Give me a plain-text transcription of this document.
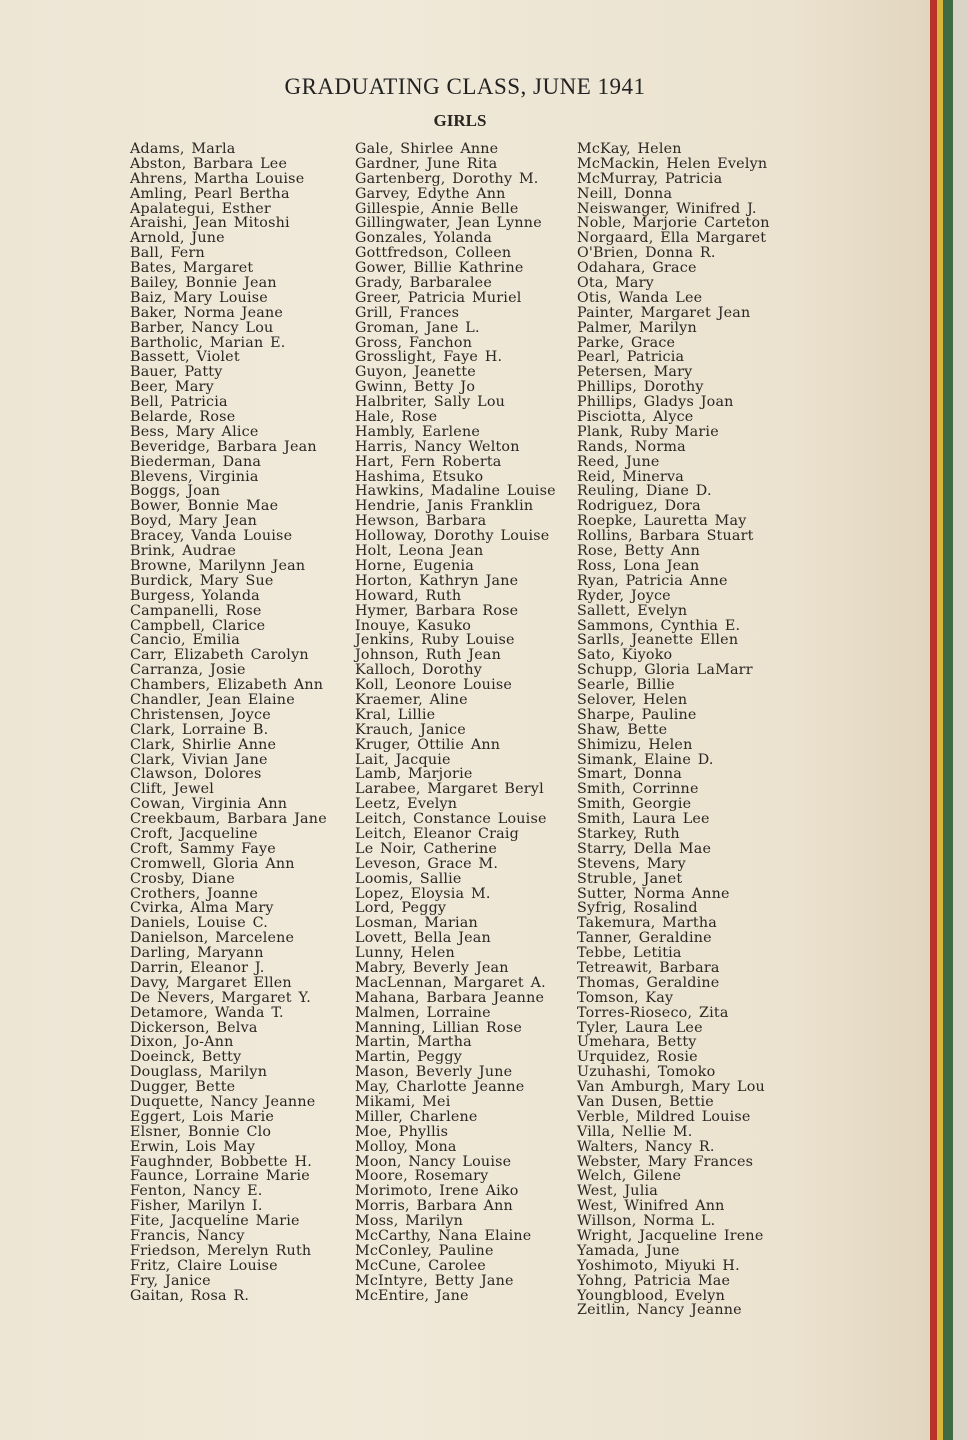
GRADUATING CLASS, JUNE 1941
GIRLS
Adams, Marla
Abston, Barbara Lee
Ahrens, Martha Louise
Amling, Pearl Bertha
Apalategui, Esther
Araishi, Jean Mitoshi
Arnold, June
Ball, Fern
Bates, Margaret
Bailey, Bonnie Jean
Baiz, Mary Louise
Baker, Norma Jeane
Barber, Nancy Lou
Bartholic, Marian E.
Bassett, Violet
Bauer, Patty
Beer, Mary
Bell, Patricia
Belarde, Rose
Bess, Mary Alice
Beveridge, Barbara Jean
Biederman, Dana
Blevens, Virginia
Boggs, Joan
Bower, Bonnie Mae
Boyd, Mary Jean
Bracey, Vanda Louise
Brink, Audrae
Browne, Marilynn Jean
Burdick, Mary Sue
Burgess, Yolanda
Campanelli, Rose
Campbell, Clarice
Cancio, Emilia
Carr, Elizabeth Carolyn
Carranza, Josie
Chambers, Elizabeth Ann
Chandler, Jean Elaine
Christensen, Joyce
Clark, Lorraine B.
Clark, Shirlie Anne
Clark, Vivian Jane
Clawson, Dolores
Clift, Jewel
Cowan, Virginia Ann
Creekbaum, Barbara Jane
Croft, Jacqueline
Croft, Sammy Faye
Cromwell, Gloria Ann
Crosby, Diane
Crothers, Joanne
Cvirka, Alma Mary
Daniels, Louise C.
Danielson, Marcelene
Darling, Maryann
Darrin, Eleanor J.
Davy, Margaret Ellen
De Nevers, Margaret Y.
Detamore, Wanda T.
Dickerson, Belva
Dixon, Jo-Ann
Doeinck, Betty
Douglass, Marilyn
Dugger, Bette
Duquette, Nancy Jeanne
Eggert, Lois Marie
Elsner, Bonnie Clo
Erwin, Lois May
Faughnder, Bobbette H.
Faunce, Lorraine Marie
Fenton, Nancy E.
Fisher, Marilyn I.
Fite, Jacqueline Marie
Francis, Nancy
Friedson, Merelyn Ruth
Fritz, Claire Louise
Fry, Janice
Gaitan, Rosa R.
Gale, Shirlee Anne
Gardner, June Rita
Gartenberg, Dorothy M.
Garvey, Edythe Ann
Gillespie, Annie Belle
Gillingwater, Jean Lynne
Gonzales, Yolanda
Gottfredson, Colleen
Gower, Billie Kathrine
Grady, Barbaralee
Greer, Patricia Muriel
Grill, Frances
Groman, Jane L.
Gross, Fanchon
Grosslight, Faye H.
Guyon, Jeanette
Gwinn, Betty Jo
Halbriter, Sally Lou
Hale, Rose
Hambly, Earlene
Harris, Nancy Welton
Hart, Fern Roberta
Hashima, Etsuko
Hawkins, Madaline Louise
Hendrie, Janis Franklin
Hewson, Barbara
Holloway, Dorothy Louise
Holt, Leona Jean
Horne, Eugenia
Horton, Kathryn Jane
Howard, Ruth
Hymer, Barbara Rose
Inouye, Kasuko
Jenkins, Ruby Louise
Johnson, Ruth Jean
Kalloch, Dorothy
Koll, Leonore Louise
Kraemer, Aline
Kral, Lillie
Krauch, Janice
Kruger, Ottilie Ann
Lait, Jacquie
Lamb, Marjorie
Larabee, Margaret Beryl
Leetz, Evelyn
Leitch, Constance Louise
Leitch, Eleanor Craig
Le Noir, Catherine
Leveson, Grace M.
Loomis, Sallie
Lopez, Eloysia M.
Lord, Peggy
Losman, Marian
Lovett, Bella Jean
Lunny, Helen
Mabry, Beverly Jean
MacLennan, Margaret A.
Mahana, Barbara Jeanne
Malmen, Lorraine
Manning, Lillian Rose
Martin, Martha
Martin, Peggy
Mason, Beverly June
May, Charlotte Jeanne
Mikami, Mei
Miller, Charlene
Moe, Phyllis
Molloy, Mona
Moon, Nancy Louise
Moore, Rosemary
Morimoto, Irene Aiko
Morris, Barbara Ann
Moss, Marilyn
McCarthy, Nana Elaine
McConley, Pauline
McCune, Carolee
McIntyre, Betty Jane
McEntire, Jane
McKay, Helen
McMackin, Helen Evelyn
McMurray, Patricia
Neill, Donna
Neiswanger, Winifred J.
Noble, Marjorie Carteton
Norgaard, Ella Margaret
O'Brien, Donna R.
Odahara, Grace
Ota, Mary
Otis, Wanda Lee
Painter, Margaret Jean
Palmer, Marilyn
Parke, Grace
Pearl, Patricia
Petersen, Mary
Phillips, Dorothy
Phillips, Gladys Joan
Pisciotta, Alyce
Plank, Ruby Marie
Rands, Norma
Reed, June
Reid, Minerva
Reuling, Diane D.
Rodriguez, Dora
Roepke, Lauretta May
Rollins, Barbara Stuart
Rose, Betty Ann
Ross, Lona Jean
Ryan, Patricia Anne
Ryder, Joyce
Sallett, Evelyn
Sammons, Cynthia E.
Sarlls, Jeanette Ellen
Sato, Kiyoko
Schupp, Gloria LaMarr
Searle, Billie
Selover, Helen
Sharpe, Pauline
Shaw, Bette
Shimizu, Helen
Simank, Elaine D.
Smart, Donna
Smith, Corrinne
Smith, Georgie
Smith, Laura Lee
Starkey, Ruth
Starry, Della Mae
Stevens, Mary
Struble, Janet
Sutter, Norma Anne
Syfrig, Rosalind
Takemura, Martha
Tanner, Geraldine
Tebbe, Letitia
Tetreawit, Barbara
Thomas, Geraldine
Tomson, Kay
Torres-Rioseco, Zita
Tyler, Laura Lee
Umehara, Betty
Urquidez, Rosie
Uzuhashi, Tomoko
Van Amburgh, Mary Lou
Van Dusen, Bettie
Verble, Mildred Louise
Villa, Nellie M.
Walters, Nancy R.
Webster, Mary Frances
Welch, Gilene
West, Julia
West, Winifred Ann
Willson, Norma L.
Wright, Jacqueline Irene
Yamada, June
Yoshimoto, Miyuki H.
Yohng, Patricia Mae
Youngblood, Evelyn
Zeitlin, Nancy Jeanne
